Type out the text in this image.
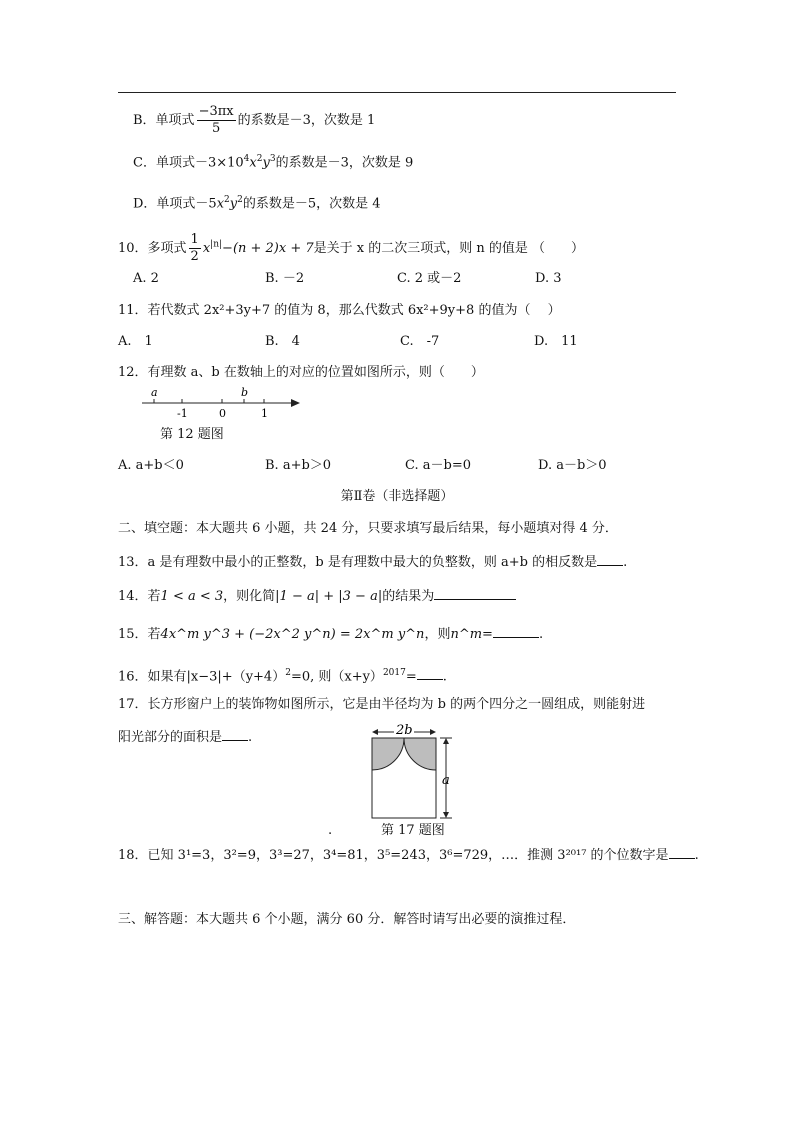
B．单项式 $\frac{-3\pi x}{5}$ 的系数是－3，次数是 1
C．单项式$-3\times 10^4x^2y^3$的系数是－3，次数是 9
D．单项式$-5x^2y^2$的系数是－5，次数是 4
10．多项式 $\frac{1}{2} x^{|n|}-(n + 2)x + 7$是关于 x 的二次三项式，则 n 的值是 （　　）
A. 2	B. －2	C. 2 或－2	D. 3
11．若代数式 2x²+3y+7 的值为 8，那么代数式 6x²+9y+8 的值为（　 ）
A.　1	B.　4	C.　-7	D.　11
12．有理数 a、b 在数轴上的对应的位置如图所示，则（　　）
a	b
-1	0	1
第 12 题图
A. a+b＜0	B. a+b＞0	C. a－b=0	D. a－b＞0
第Ⅱ卷（非选择题）
二、填空题：本大题共 6 小题，共 24 分，只要求填写最后结果，每小题填对得 4 分．
13．a 是有理数中最小的正整数，b 是有理数中最大的负整数，则 a+b 的相反数是 .
14．若1 < a < 3，则化简|1 − a| + |3 − a|的结果为
15．若4x^m y^3 + (−2x^2 y^n) = 2x^m y^n，则n^m=	.
16．如果有$|x-3|+(y+4)^2=0$, 则$(x+y)^{2017}=$ .
17．长方形窗户上的装饰物如图所示，它是由半径均为 b 的两个四分之一圆组成，则能射进
阳光部分的面积是 .	2b
a
.	第 17 题图
18．已知 3¹=3，3²=9，3³=27，3⁴=81，3⁵=243，3⁶=729，…．推测 3²⁰¹⁷ 的个位数字是 .
三、解答题：本大题共 6 个小题，满分 60 分．解答时请写出必要的演推过程．
